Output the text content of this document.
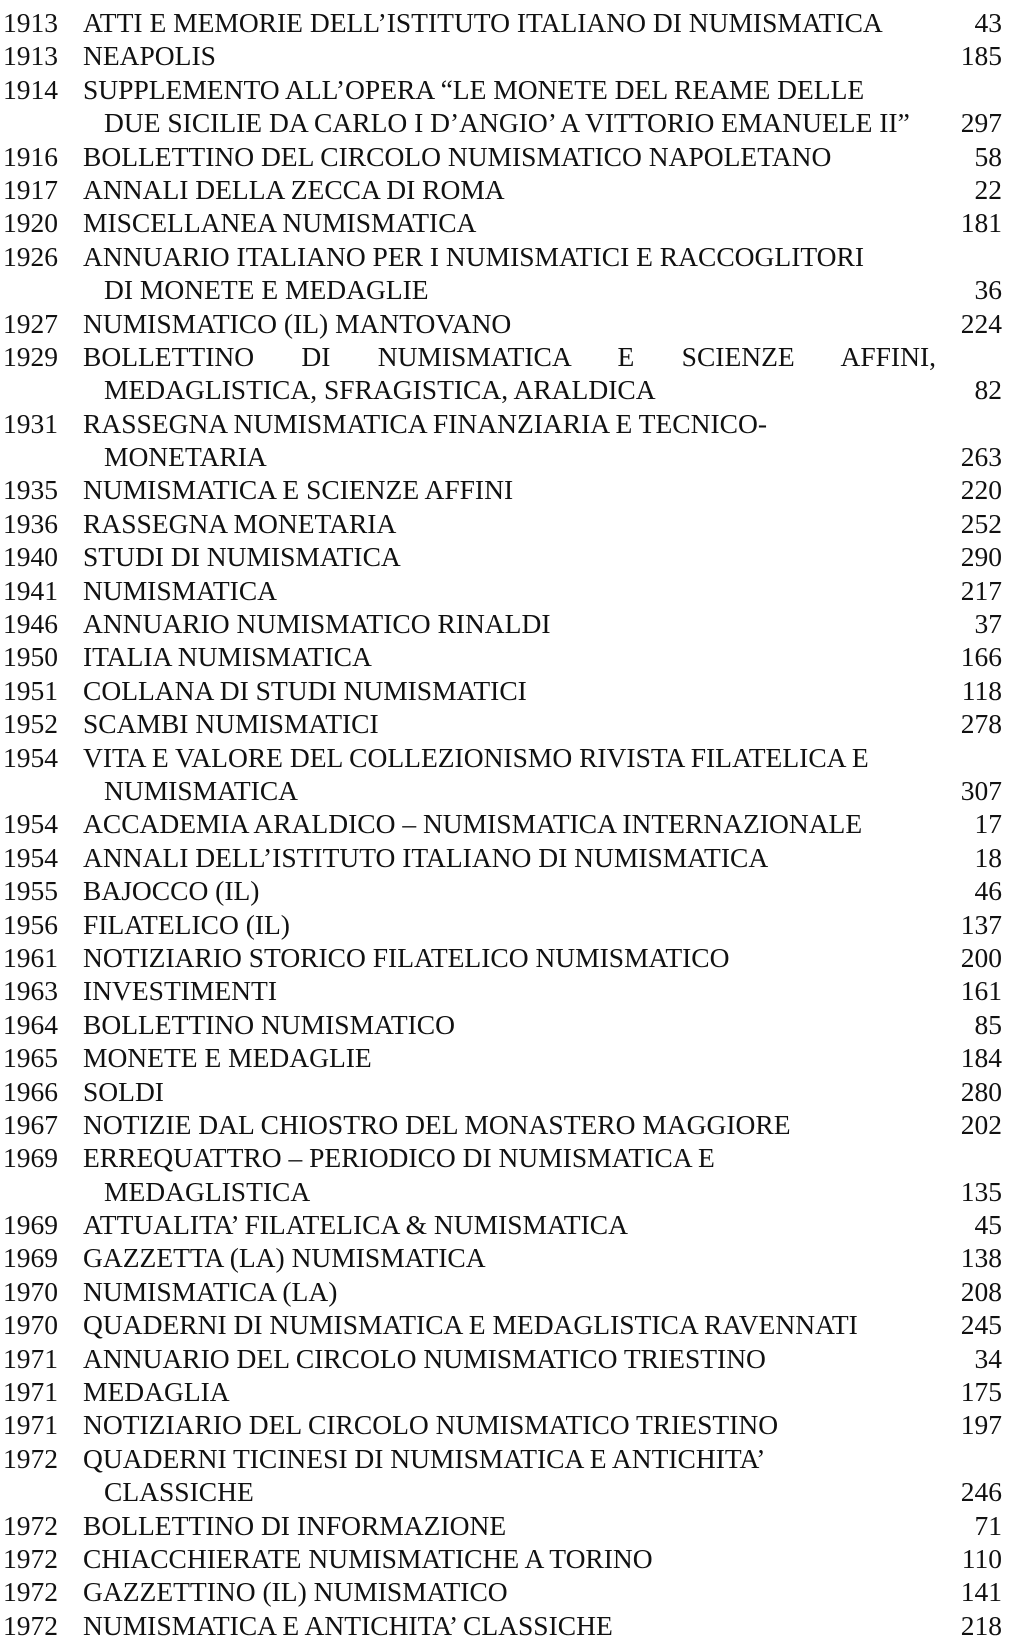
1913 ATTI E MEMORIE DELL’ISTITUTO ITALIANO DI NUMISMATICA	43
1913 NEAPOLIS	185
1914 SUPPLEMENTO ALL’OPERA “LE MONETE DEL REAME DELLE
DUE SICILIE DA CARLO I D’ANGIO’ A VITTORIO EMANUELE II” 297
1916 BOLLETTINO DEL CIRCOLO NUMISMATICO NAPOLETANO	58
1917 ANNALI DELLA ZECCA DI ROMA	22
1920 MISCELLANEA NUMISMATICA	181
1926 ANNUARIO ITALIANO PER I NUMISMATICI E RACCOGLITORI
DI MONETE E MEDAGLIE	36
1927 NUMISMATICO (IL) MANTOVANO	224
1929 BOLLETTINO DI NUMISMATICA E SCIENZE AFFINI,
MEDAGLISTICA, SFRAGISTICA, ARALDICA	82
1931 RASSEGNA NUMISMATICA FINANZIARIA E TECNICO-
MONETARIA	263
1935 NUMISMATICA E SCIENZE AFFINI	220
1936 RASSEGNA MONETARIA	252
1940 STUDI DI NUMISMATICA	290
1941 NUMISMATICA	217
1946 ANNUARIO NUMISMATICO RINALDI	37
1950 ITALIA NUMISMATICA	166
1951 COLLANA DI STUDI NUMISMATICI	118
1952 SCAMBI NUMISMATICI	278
1954 VITA E VALORE DEL COLLEZIONISMO RIVISTA FILATELICA E
NUMISMATICA	307
1954 ACCADEMIA ARALDICO – NUMISMATICA INTERNAZIONALE	17
1954 ANNALI DELL’ISTITUTO ITALIANO DI NUMISMATICA	18
1955 BAJOCCO (IL)	46
1956 FILATELICO (IL)	137
1961 NOTIZIARIO STORICO FILATELICO NUMISMATICO	200
1963 INVESTIMENTI	161
1964 BOLLETTINO NUMISMATICO	85
1965 MONETE E MEDAGLIE	184
1966 SOLDI	280
1967 NOTIZIE DAL CHIOSTRO DEL MONASTERO MAGGIORE	202
1969 ERREQUATTRO – PERIODICO DI NUMISMATICA E
MEDAGLISTICA	135
1969 ATTUALITA’ FILATELICA & NUMISMATICA	45
1969 GAZZETTA (LA) NUMISMATICA	138
1970 NUMISMATICA (LA)	208
1970 QUADERNI DI NUMISMATICA E MEDAGLISTICA RAVENNATI	245
1971 ANNUARIO DEL CIRCOLO NUMISMATICO TRIESTINO	34
1971 MEDAGLIA	175
1971 NOTIZIARIO DEL CIRCOLO NUMISMATICO TRIESTINO	197
1972 QUADERNI TICINESI DI NUMISMATICA E ANTICHITA’
CLASSICHE	246
1972 BOLLETTINO DI INFORMAZIONE	71
1972 CHIACCHIERATE NUMISMATICHE A TORINO	110
1972 GAZZETTINO (IL) NUMISMATICO	141
1972 NUMISMATICA E ANTICHITA’ CLASSICHE	218
